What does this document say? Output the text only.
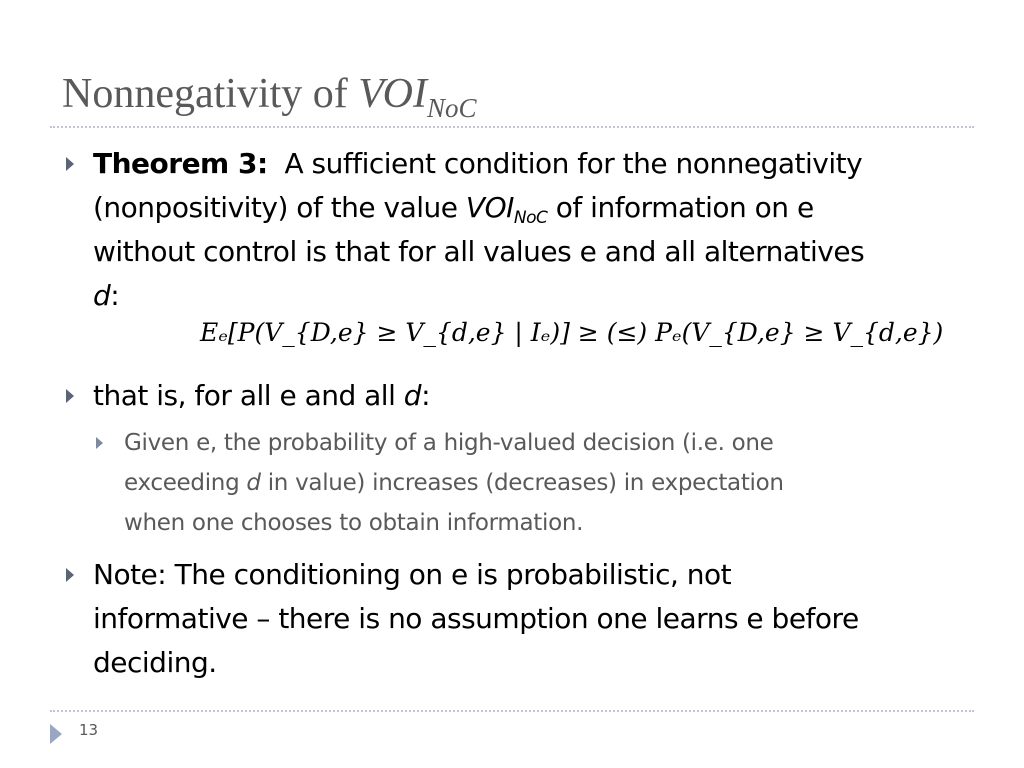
Nonnegativity of $VOI_{NoC}$
Theorem 3: A sufficient condition for the nonnegativity
(nonpositivity) of the value $VOI_{NoC}$ of information on e
without control is that for all values e and all alternatives
d:
Eₑ[P(V_{D,e} ≥ V_{d,e} | Iₑ)] ≥ (≤) Pₑ(V_{D,e} ≥ V_{d,e})
that is, for all e and all d:
Given e, the probability of a high-valued decision (i.e. one
exceeding d in value) increases (decreases) in expectation
when one chooses to obtain information.
Note: The conditioning on e is probabilistic, not
informative – there is no assumption one learns e before
deciding.
13
